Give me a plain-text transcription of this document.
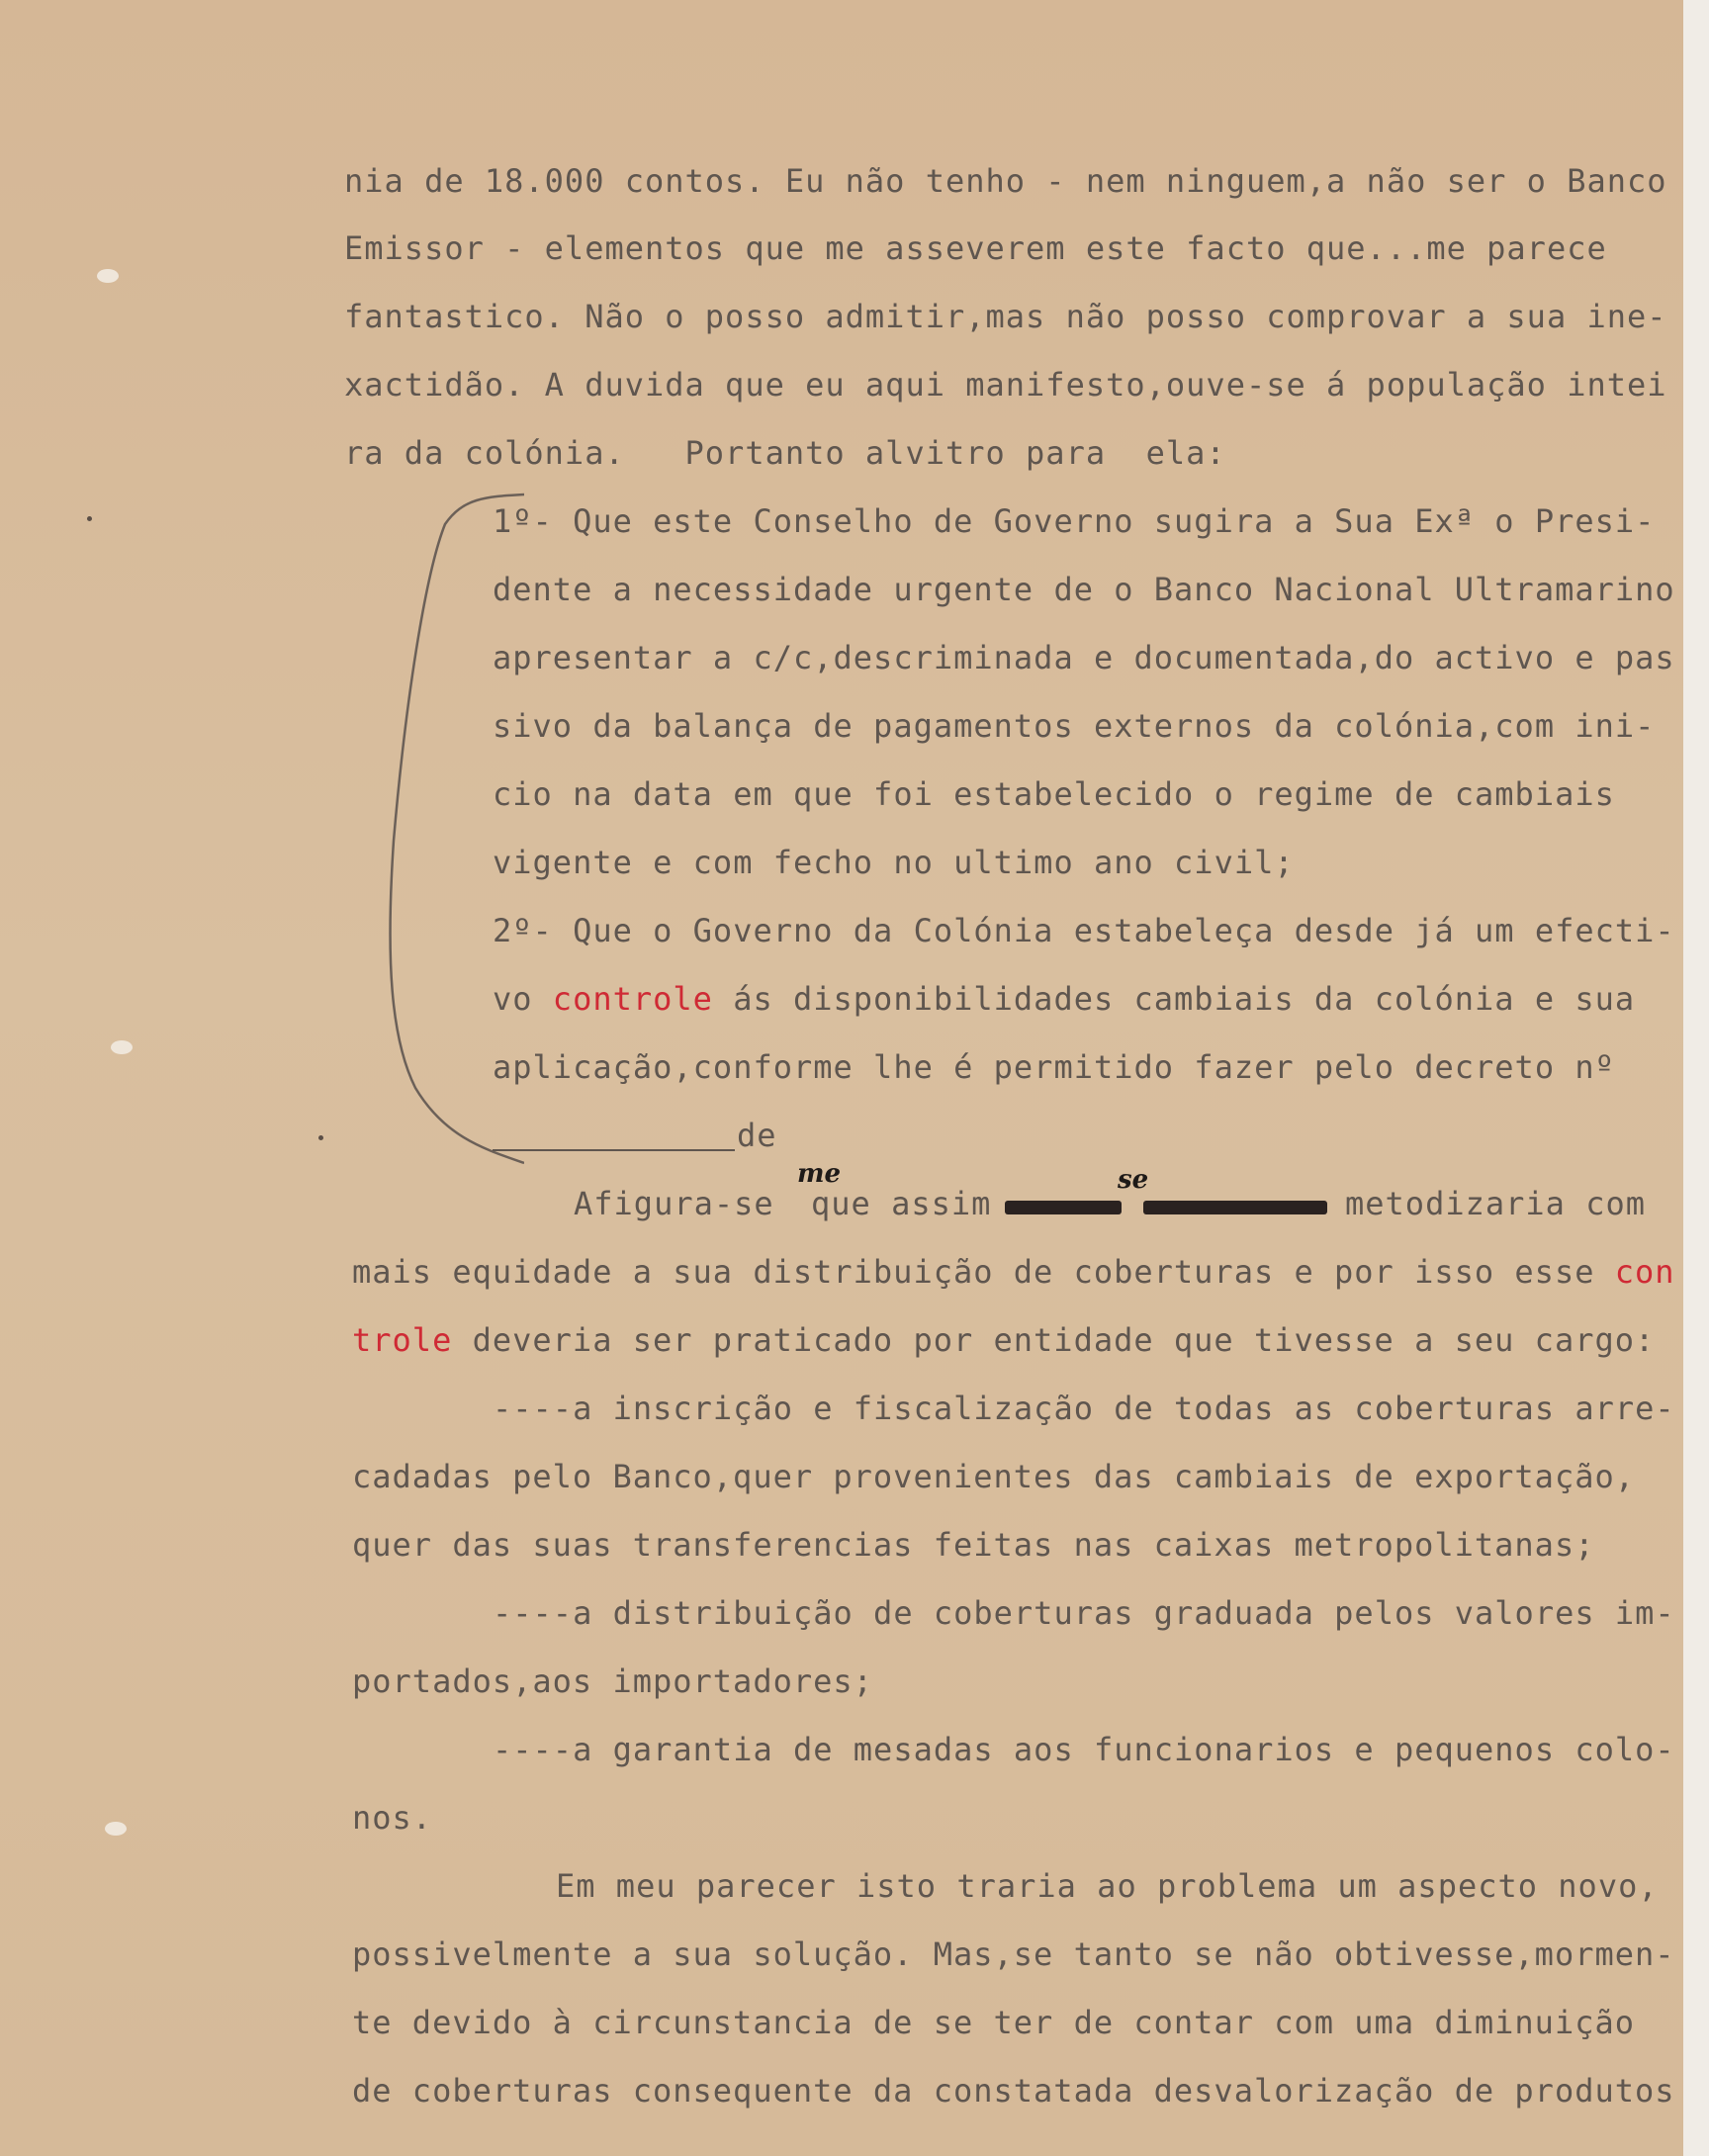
nia de 18.000 contos. Eu não tenho - nem ninguem,a não ser o Banco

Emissor - elementos que me asseverem este facto que...me parece

fantastico. Não o posso admitir,mas não posso comprovar a sua ine-

xactidão. A duvida que eu aqui manifesto,ouve-se á população intei

ra da colónia.   Portanto alvitro para  ela:

1º- Que este Conselho de Governo sugira a Sua Exª o Presi-

dente a necessidade urgente de o Banco Nacional Ultramarino

apresentar a c/c,descriminada e documentada,do activo e pas

sivo da balança de pagamentos externos da colónia,com ini-

cio na data em que foi estabelecido o regime de cambiais

vigente e com fecho no ultimo ano civil;

2º- Que o Governo da Colónia estabeleça desde já um efecti-

vo controle ás disponibilidades cambiais da colónia e sua

aplicação,conforme lhe é permitido fazer pelo decreto nº

de

Afigura-se

me

que assim

se

metodizaria com

mais equidade a sua distribuição de coberturas e por isso esse con

trole deveria ser praticado por entidade que tivesse a seu cargo:

----a inscrição e fiscalização de todas as coberturas arre-

cadadas pelo Banco,quer provenientes das cambiais de exportação,

quer das suas transferencias feitas nas caixas metropolitanas;

----a distribuição de coberturas graduada pelos valores im-

portados,aos importadores;

----a garantia de mesadas aos funcionarios e pequenos colo-

nos.

Em meu parecer isto traria ao problema um aspecto novo,

possivelmente a sua solução. Mas,se tanto se não obtivesse,mormen-

te devido à circunstancia de se ter de contar com uma diminuição

de coberturas consequente da constatada desvalorização de produtos
